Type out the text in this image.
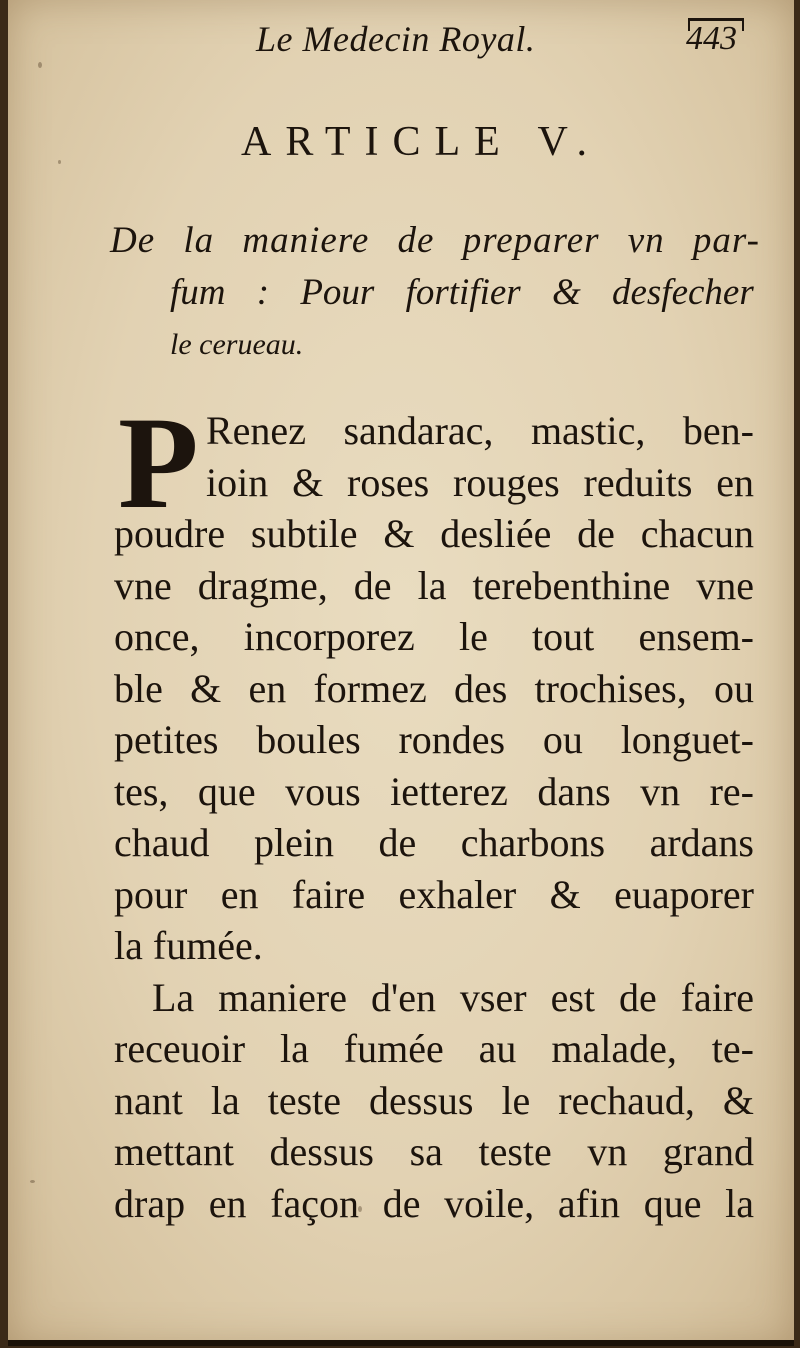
Le Medecin Royal.	443
ARTICLE V.
De la maniere de preparer vn par-
fum : Pour fortifier & desfecher
le cerueau.
P Renez sandarac, mastic, ben-
ioin & roses rouges reduits en
poudre subtile & desliée de chacun
vne dragme, de la terebenthine vne
once, incorporez le tout ensem-
ble & en formez des trochises, ou
petites boules rondes ou longuet-
tes, que vous ietterez dans vn re-
chaud plein de charbons ardans
pour en faire exhaler & euaporer
la fumée.
La maniere d'en vser est de faire
receuoir la fumée au malade, te-
nant la teste dessus le rechaud, &
mettant dessus sa teste vn grand
drap en façon de voile, afin que la
